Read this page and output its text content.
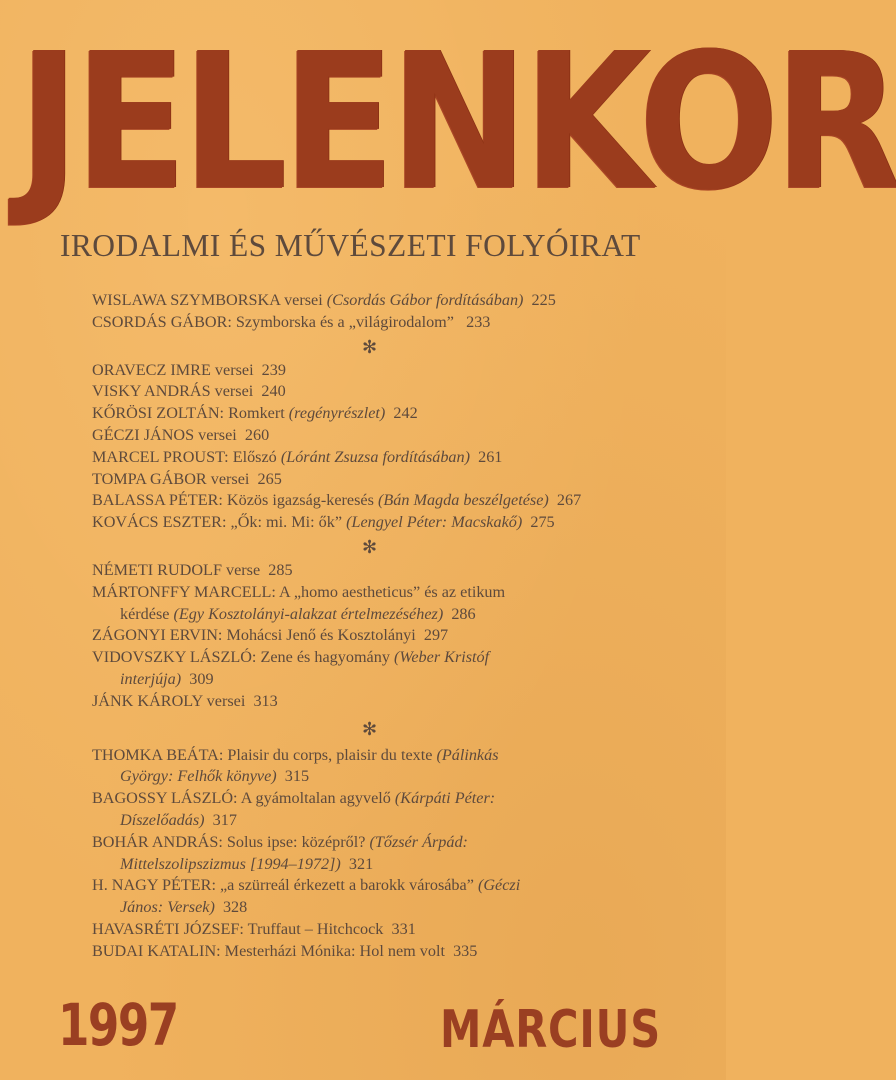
JELENKOR
IRODALMI ÉS MŰVÉSZETI FOLYÓIRAT
WISLAWA SZYMBORSKA versei (Csordás Gábor fordításában)  225
CSORDÁS GÁBOR: Szymborska és a „világirodalom”   233
✻
ORAVECZ IMRE versei  239
VISKY ANDRÁS versei  240
KŐRÖSI ZOLTÁN: Romkert (regényrészlet)  242
GÉCZI JÁNOS versei  260
MARCEL PROUST: Előszó (Lóránt Zsuzsa fordításában)  261
TOMPA GÁBOR versei  265
BALASSA PÉTER: Közös igazság-keresés (Bán Magda beszélgetése)  267
KOVÁCS ESZTER: „Ők: mi. Mi: ők” (Lengyel Péter: Macskakő)  275
✻
NÉMETI RUDOLF verse  285
MÁRTONFFY MARCELL: A „homo aestheticus” és az etikum
kérdése (Egy Kosztolányi-alakzat értelmezéséhez)  286
ZÁGONYI ERVIN: Mohácsi Jenő és Kosztolányi  297
VIDOVSZKY LÁSZLÓ: Zene és hagyomány (Weber Kristóf
interjúja)  309
JÁNK KÁROLY versei  313
✻
THOMKA BEÁTA: Plaisir du corps, plaisir du texte (Pálinkás
György: Felhők könyve)  315
BAGOSSY LÁSZLÓ: A gyámoltalan agyvelő (Kárpáti Péter:
Díszelőadás)  317
BOHÁR ANDRÁS: Solus ipse: középről? (Tőzsér Árpád:
Mittelszolipszizmus [1994–1972])  321
H. NAGY PÉTER: „a szürreál érkezett a barokk városába” (Géczi
János: Versek)  328
HAVASRÉTI JÓZSEF: Truffaut – Hitchcock  331
BUDAI KATALIN: Mesterházi Mónika: Hol nem volt  335
1997	MÁRCIUS
